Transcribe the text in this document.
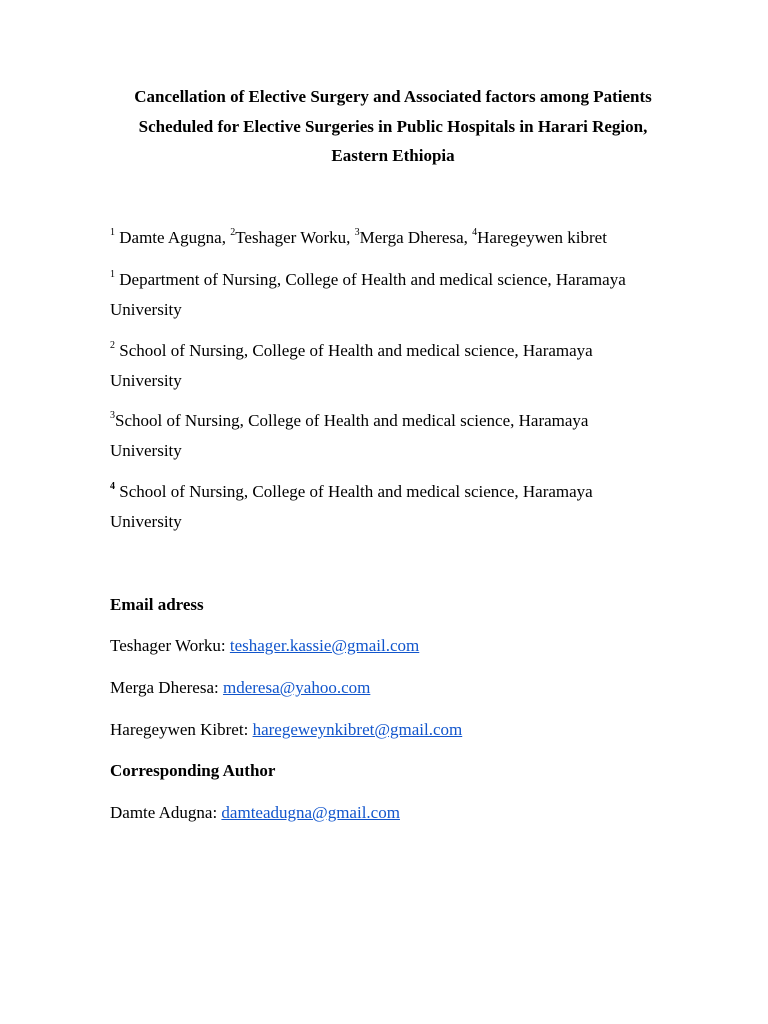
Cancellation of Elective Surgery and Associated factors among Patients
Scheduled for Elective Surgeries in Public Hospitals in Harari Region,
Eastern Ethiopia
$^1$ Damte Agugna, $^2$Teshager Worku, $^3$Merga Dheresa, $^4$Haregeywen kibret
$^1$ Department of Nursing, College of Health and medical science, Haramaya
University
$^2$ School of Nursing, College of Health and medical science, Haramaya
University
$^3$School of Nursing, College of Health and medical science, Haramaya
University
$^4$ School of Nursing, College of Health and medical science, Haramaya
University
Email adress
Teshager Worku: teshager.kassie@gmail.com
Merga Dheresa: mderesa@yahoo.com
Haregeywen Kibret: haregeweynkibret@gmail.com
Corresponding Author
Damte Adugna: damteadugna@gmail.com
